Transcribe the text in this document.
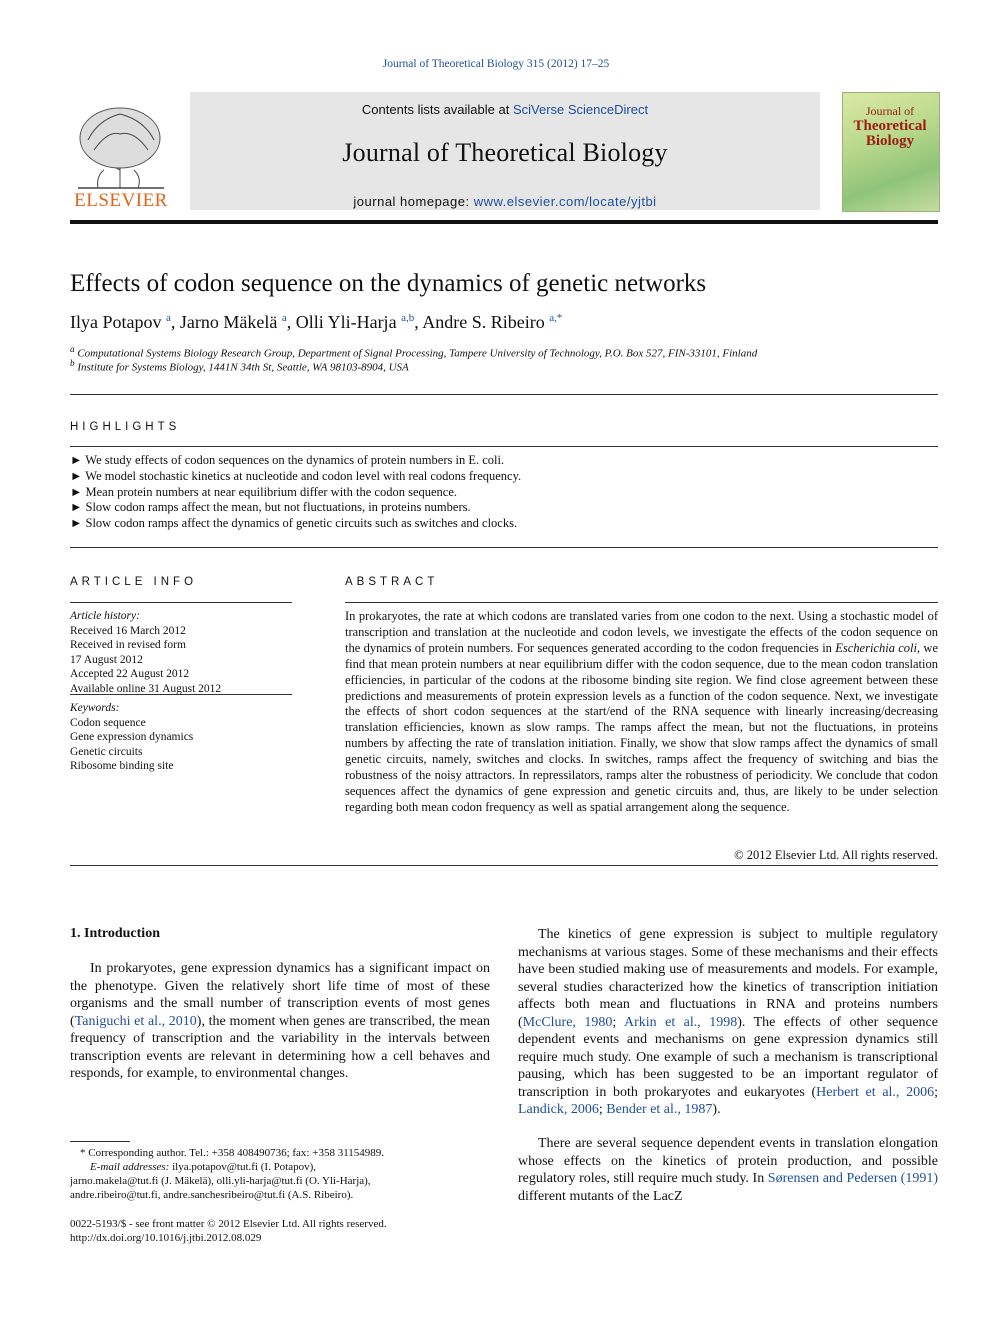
Journal of Theoretical Biology 315 (2012) 17–25
ELSEVIER
Contents lists available at SciVerse ScienceDirect
Journal of Theoretical Biology
journal homepage: www.elsevier.com/locate/yjtbi
Journal of
Theoretical
Biology
Effects of codon sequence on the dynamics of genetic networks
Ilya Potapov $^a$, Jarno Mäkelä $^a$, Olli Yli-Harja $^{a,b}$, Andre S. Ribeiro $^{a,*}$
$^a$ Computational Systems Biology Research Group, Department of Signal Processing, Tampere University of Technology, P.O. Box 527, FIN-33101, Finland
$^b$ Institute for Systems Biology, 1441N 34th St, Seattle, WA 98103-8904, USA
HIGHLIGHTS
► We study effects of codon sequences on the dynamics of protein numbers in E. coli.
► We model stochastic kinetics at nucleotide and codon level with real codons frequency.
► Mean protein numbers at near equilibrium differ with the codon sequence.
► Slow codon ramps affect the mean, but not fluctuations, in proteins numbers.
► Slow codon ramps affect the dynamics of genetic circuits such as switches and clocks.
ARTICLE INFO
Article history:
Received 16 March 2012
Received in revised form
17 August 2012
Accepted 22 August 2012
Available online 31 August 2012
Keywords:
Codon sequence
Gene expression dynamics
Genetic circuits
Ribosome binding site
ABSTRACT
In prokaryotes, the rate at which codons are translated varies from one codon to the next. Using a stochastic model of transcription and translation at the nucleotide and codon levels, we investigate the effects of the codon sequence on the dynamics of protein numbers. For sequences generated according to the codon frequencies in Escherichia coli, we find that mean protein numbers at near equilibrium differ with the codon sequence, due to the mean codon translation efficiencies, in particular of the codons at the ribosome binding site region. We find close agreement between these predictions and measurements of protein expression levels as a function of the codon sequence. Next, we investigate the effects of short codon sequences at the start/end of the RNA sequence with linearly increasing/decreasing translation efficiencies, known as slow ramps. The ramps affect the mean, but not the fluctuations, in proteins numbers by affecting the rate of translation initiation. Finally, we show that slow ramps affect the dynamics of small genetic circuits, namely, switches and clocks. In switches, ramps affect the frequency of switching and bias the robustness of the noisy attractors. In repressilators, ramps alter the robustness of periodicity. We conclude that codon sequences affect the dynamics of gene expression and genetic circuits and, thus, are likely to be under selection regarding both mean codon frequency as well as spatial arrangement along the sequence.
© 2012 Elsevier Ltd. All rights reserved.
1. Introduction
In prokaryotes, gene expression dynamics has a significant impact on the phenotype. Given the relatively short life time of most of these organisms and the small number of transcription events of most genes (Taniguchi et al., 2010), the moment when genes are transcribed, the mean frequency of transcription and the variability in the intervals between transcription events are relevant in determining how a cell behaves and responds, for example, to environmental changes.
The kinetics of gene expression is subject to multiple regulatory mechanisms at various stages. Some of these mechanisms and their effects have been studied making use of measurements and models. For example, several studies characterized how the kinetics of transcription initiation affects both mean and fluctuations in RNA and proteins numbers (McClure, 1980; Arkin et al., 1998). The effects of other sequence dependent events and mechanisms on gene expression dynamics still require much study. One example of such a mechanism is transcriptional pausing, which has been suggested to be an important regulator of transcription in both prokaryotes and eukaryotes (Herbert et al., 2006; Landick, 2006; Bender et al., 1987).
There are several sequence dependent events in translation elongation whose effects on the kinetics of protein production, and possible regulatory roles, still require much study. In Sørensen and Pedersen (1991) different mutants of the LacZ
* Corresponding author. Tel.: +358 408490736; fax: +358 31154989.
E-mail addresses: ilya.potapov@tut.fi (I. Potapov),
jarno.makela@tut.fi (J. Mäkelä), olli.yli-harja@tut.fi (O. Yli-Harja),
andre.ribeiro@tut.fi, andre.sanchesribeiro@tut.fi (A.S. Ribeiro).
0022-5193/$ - see front matter © 2012 Elsevier Ltd. All rights reserved.
http://dx.doi.org/10.1016/j.jtbi.2012.08.029
